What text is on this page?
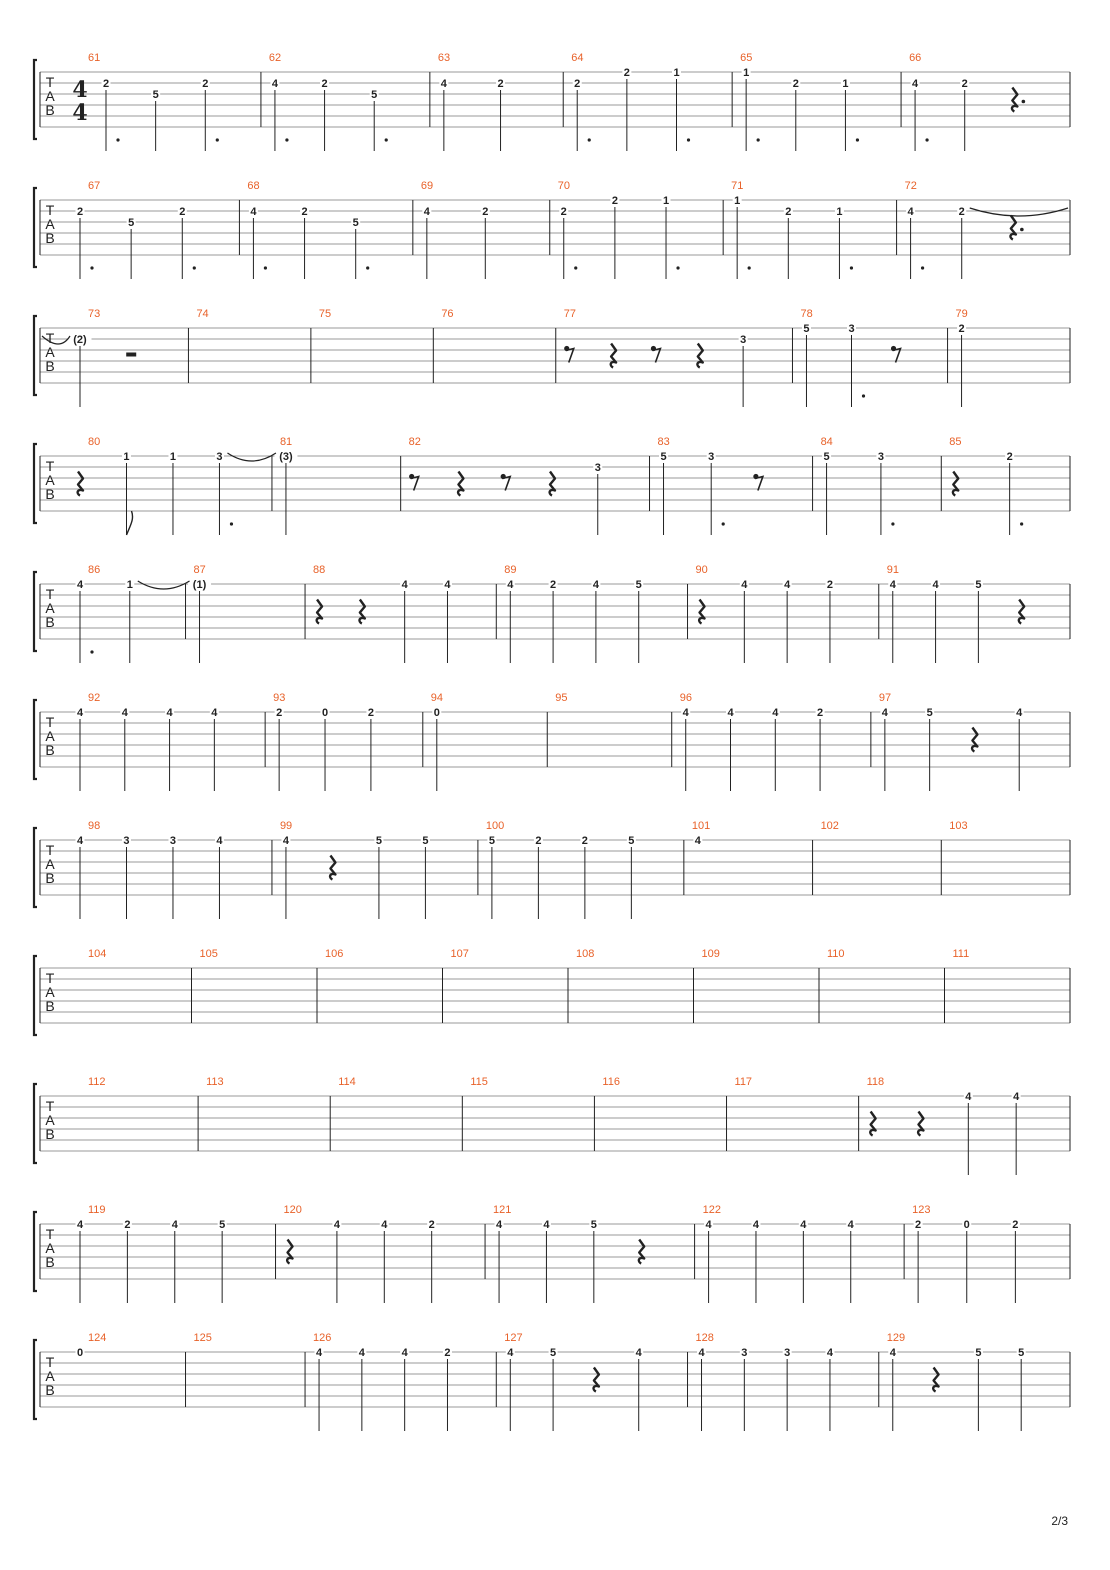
T
A
B
4
4
61
2
5
2
62
4	2
5
63
4	2
64
2
2	1
65
1
2	1
66
4	2
T
A
B
67
2
5
2
68
4	2
5
69
4	2
70
2
2	1
71
1
2	1
72
4	2
T
A
B
73
(2)
74	75	76	77
3
78
5	3
79
2
T
A
B
80
1	1	3
81
(3)
82
3
83
5	3
84
5	3
85
2
T
A
B
86
4	1
87
(1)
88
4	4
89
4	2	4	5
90
4	4	2
91
4	4	5
T
A
B
92
4	4	4	4
93
2	0	2
94
0
95	96
4	4	4	2
97
4	5	4
T
A
B
98
4	3	3	4
99
4	5	5
100
5	2	2	5
101
4
102	103
T
A
B
104	105	106	107	108	109	110	111
T
A
B
112	113	114	115	116	117	118
4	4
T
A
B
119
4	2	4	5
120
4	4	2
121
4	4	5
122
4	4	4	4
123
2	0	2
T
A
B
124
0
125	126
4	4	4	2
127
4	5	4
128
4	3	3	4
129
4	5	5
2/3
